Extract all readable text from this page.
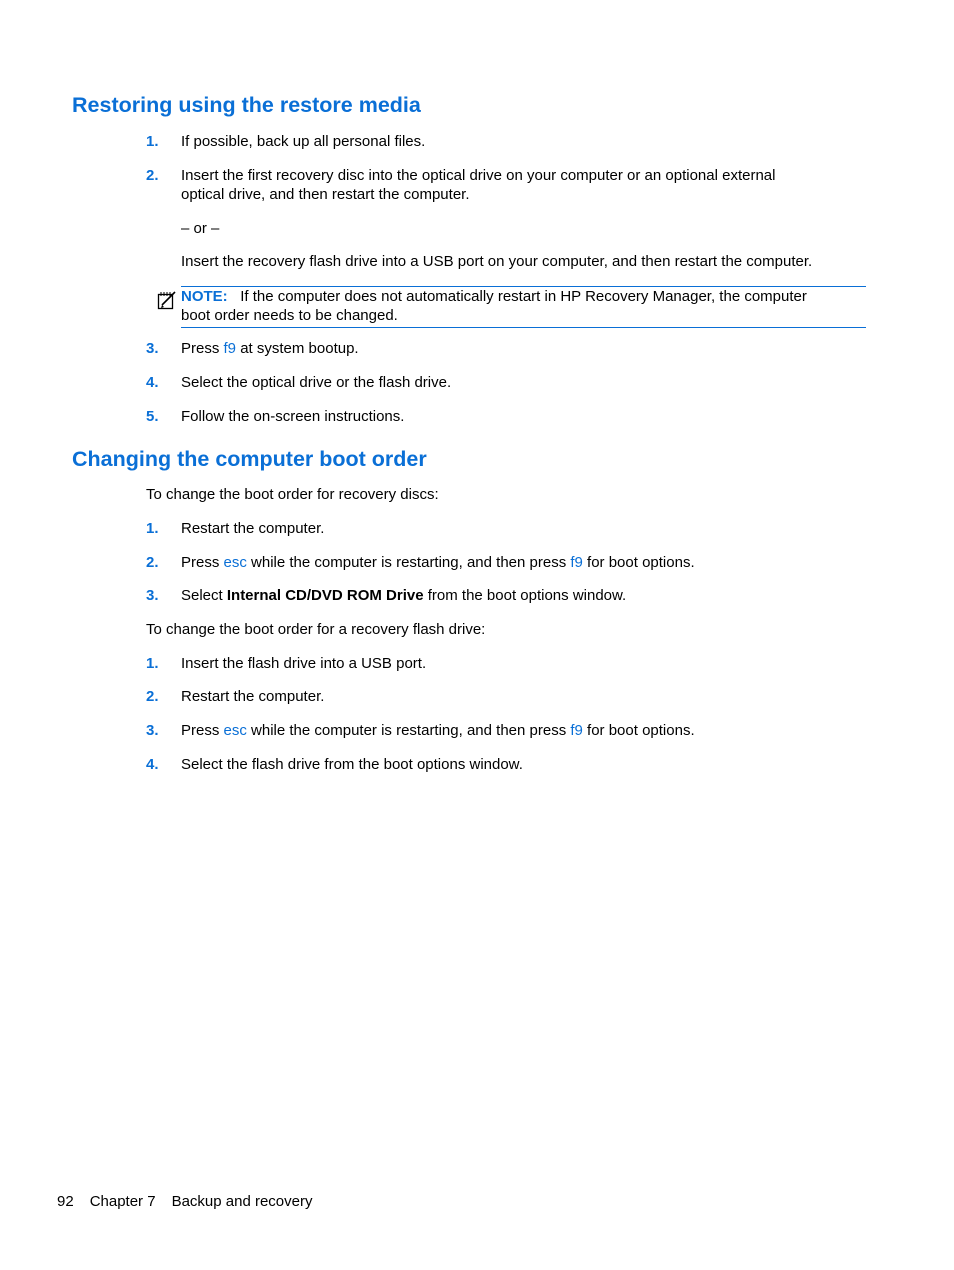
Restoring using the restore media
1. If possible, back up all personal files.
2. Insert the first recovery disc into the optical drive on your computer or an optional external
optical drive, and then restart the computer.
– or –
Insert the recovery flash drive into a USB port on your computer, and then restart the computer.
NOTE: If the computer does not automatically restart in HP Recovery Manager, the computer
boot order needs to be changed.
3. Press f9 at system bootup.
4. Select the optical drive or the flash drive.
5. Follow the on-screen instructions.
Changing the computer boot order
To change the boot order for recovery discs:
1. Restart the computer.
2. Press esc while the computer is restarting, and then press f9 for boot options.
3. Select Internal CD/DVD ROM Drive from the boot options window.
To change the boot order for a recovery flash drive:
1. Insert the flash drive into a USB port.
2. Restart the computer.
3. Press esc while the computer is restarting, and then press f9 for boot options.
4. Select the flash drive from the boot options window.
92 Chapter 7 Backup and recovery
